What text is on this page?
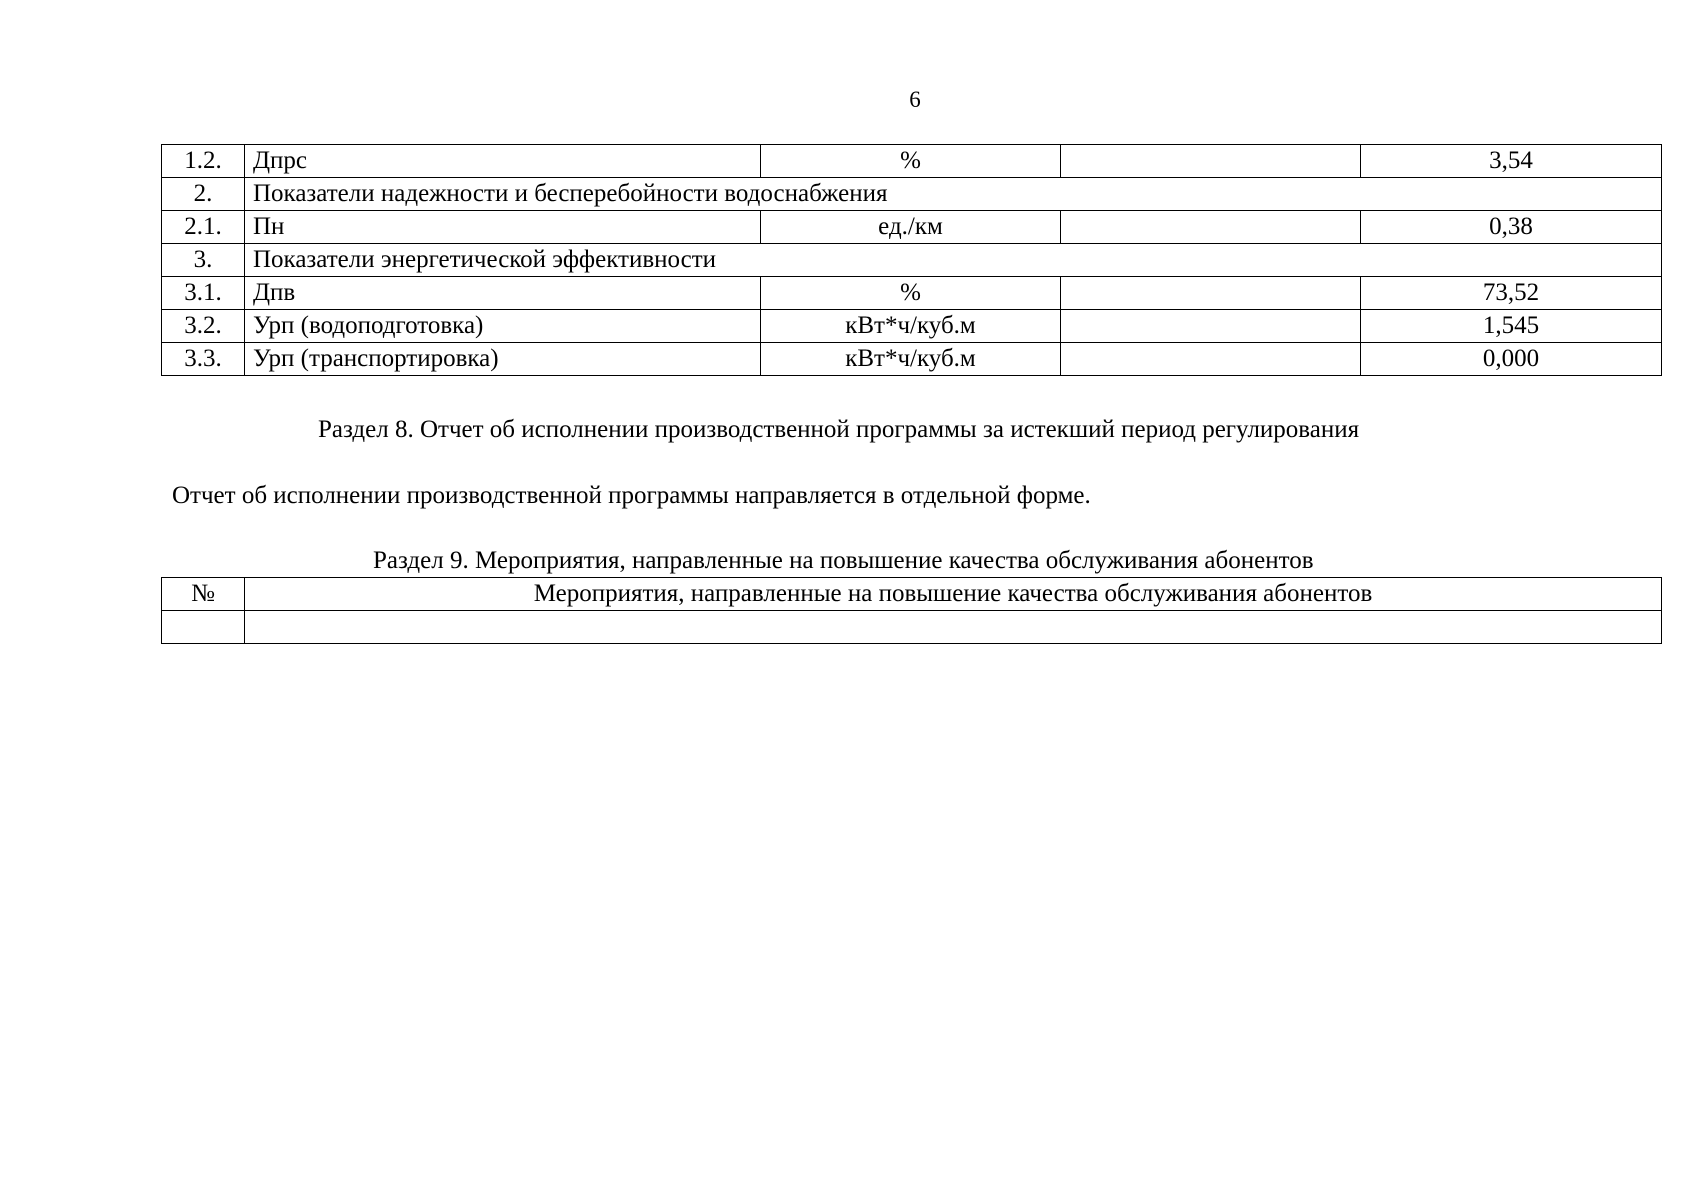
6
1.2.	Дпрс	%		3,54
2.	Показатели надежности и бесперебойности водоснабжения			
2.1.	Пн	ед./км		0,38
3.	Показатели энергетической эффективности			
3.1.	Дпв	%		73,52
3.2.	Урп (водоподготовка)	кВт*ч/куб.м		1,545
3.3.	Урп (транспортировка)	кВт*ч/куб.м		0,000
Раздел 8. Отчет об исполнении производственной программы за истекший период регулирования
Отчет об исполнении производственной программы направляется в отдельной форме.
Раздел 9. Мероприятия, направленные на повышение качества обслуживания абонентов
№	Мероприятия, направленные на повышение качества обслуживания абонентов
